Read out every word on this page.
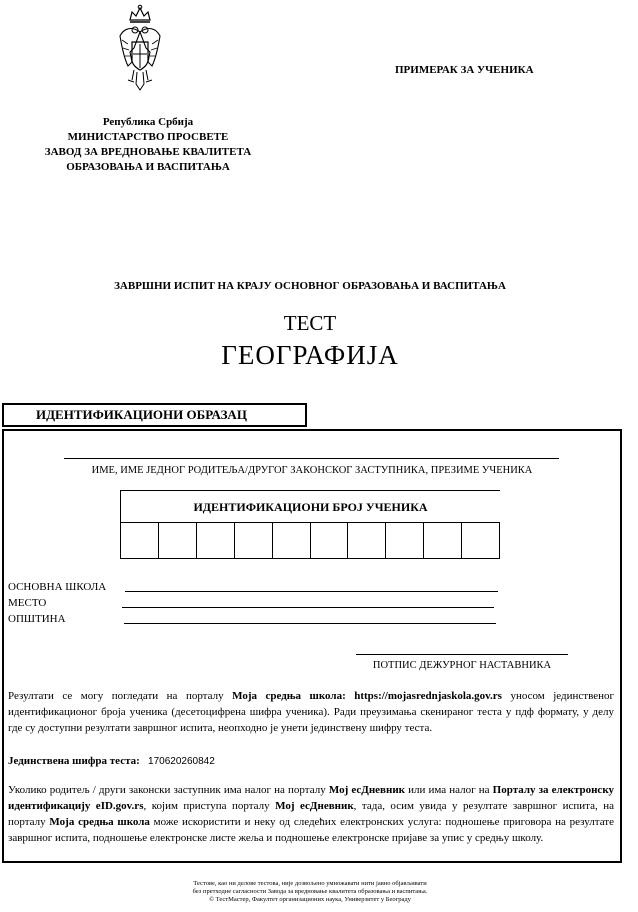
Република Србија
МИНИСТАРСТВО ПРОСВЕТЕ
ЗАВОД ЗА ВРЕДНОВАЊЕ КВАЛИТЕТА
ОБРАЗОВАЊА И ВАСПИТАЊА
ПРИМЕРАК ЗА УЧЕНИКА
ЗАВРШНИ ИСПИТ НА КРАЈУ ОСНОВНОГ ОБРАЗОВАЊА И ВАСПИТАЊА
ТЕСТ
ГЕОГРАФИЈА
ИДЕНТИФИКАЦИОНИ ОБРАЗАЦ
ИМЕ, ИМЕ ЈЕДНОГ РОДИТЕЉА/ДРУГОГ ЗАКОНСКОГ ЗАСТУПНИКА, ПРЕЗИМЕ УЧЕНИКА
ИДЕНТИФИКАЦИОНИ БРОЈ УЧЕНИКА
ОСНОВНА ШКОЛА
МЕСТО
ОПШТИНА
ПОТПИС ДЕЖУРНОГ НАСТАВНИКА
Резултати се могу погледати на порталу Моја средња школа: https://mojasrednjaskola.gov.rs уносом јединственог идентификационог броја ученика (десетоцифрена шифра ученика). Ради преузимања скенираног теста у пдф формату, у делу где су доступни резултати завршног испита, неопходно је унети јединствену шифру теста.
Јединствена шифра теста: 170620260842
Уколико родитељ / други законски заступник има налог на порталу Мој есДневник или има налог на Порталу за електронску идентификацију eID.gov.rs, којим приступа порталу Мој есДневник, тада, осим увида у резултате завршног испита, на порталу Моја средња школа може искористити и неку од следећих електронских услуга: подношење приговора на резултате завршног испита, подношење електронске листе жеља и подношење електронске пријаве за упис у средњу школу.
Тестове, као ни делове тестова, није дозвољено умножавати нити јавно објављивати
без претходне сагласности Завода за вредновање квалитета образовања и васпитања.
© ТестМастер, Факултет организационих наука, Универзитет у Београду
